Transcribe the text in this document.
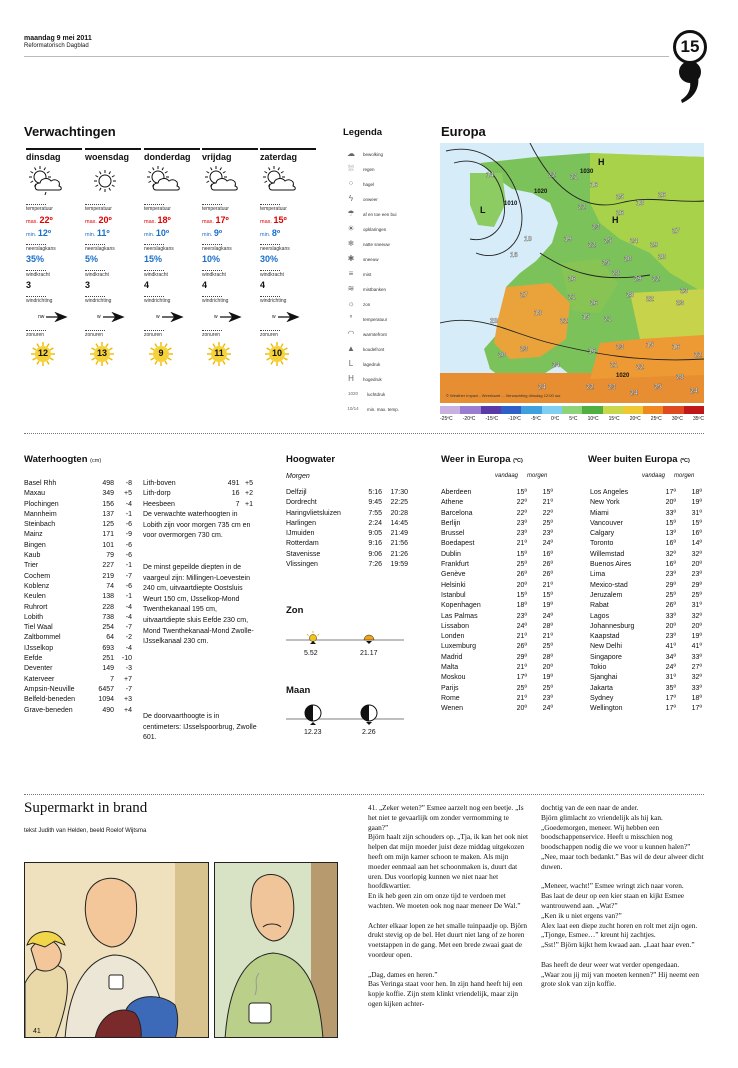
maandag 9 mei 2011
Reformatorisch Dagblad	15
Verwachtingen
dinsdag
temperatuur
max. 22º
min. 12º
neerslagkans
35%
windkracht
3
windrichting
nw
zonuren
12
woensdag
temperatuur
max. 20º
min. 11º
neerslagkans
5%
windkracht
3
windrichting
w
zonuren
13
donderdag
temperatuur
max. 18º
min. 10º
neerslagkans
15%
windkracht
4
windrichting
w
zonuren
9
vrijdag
temperatuur
max. 17º
min. 9º
neerslagkans
10%
windkracht
4
windrichting
w
zonuren
11
zaterdag
temperatuur
max. 15º
min. 8º
neerslagkans
30%
windkracht
4
windrichting
w
zonuren
10
Legenda
☁	bewolking
⛆	regen
⁘	hagel
ϟ	onweer
☂	af en toe een bui
☀	opklaringen
❄	natte sneeuw
✱	sneeuw
≡	mist
≋	mistbanken
☼	zon
°	temperatuur
◠	warmtefront
▲	koudefront
L	lagedruk
H	hogedruk
1020	luchtdruk
10/14	min. max. temp.
Europa
14	22 21
16
25
22
26
23
18
26
10
16
19
22
25	24
29
27
20
20
25
26
28
29 22
23
27
18
21
26
28
22
23
20	22
15 21
20
23
24
24	22 23
24
25
28
24
16
23	15	16
22
21	22
1010
1020
1030
1020
L
H
H
© Weather Impact - Weerkaart ... Verwachting dinsdag 12:00 uur
-25ºC -20ºC -15ºC -10ºC -5ºC 0ºC 5ºC 10ºC 15ºC 20ºC 25ºC 30ºC 35ºC
Waterhoogten (cm)
Basel Rhh	498	-8
Maxau	349	+5
Plochingen	156	-4
Mannheim	137	-1
Steinbach	125	-6
Mainz	171	-9
Bingen	101	-6
Kaub	79	-6
Trier	227	-1
Cochem	219	-7
Koblenz	74	-6
Keulen	138	-1
Ruhrort	228	-4
Lobith	738	-4
Tiel Waal	254	-7
Zaltbommel	64	-2
IJsselkop	693	-4
Eefde	251	-10
Deventer	149	-3
Katerveer	7	+7
Ampsin-Neuville	6457	-7
Belfeld-beneden	1094	+3
Grave-beneden	490	+4
Lith-boven	491 +5
Lith-dorp	16 +2
Heesbeen	7 +1
De verwachte waterhoogten in Lobith zijn voor morgen 735 cm en voor overmorgen 730 cm.
De minst gepeilde diepten in de vaargeul zijn: Millingen-Loevestein 240 cm, uitvaartdiepte Oostsluis Weurt 150 cm, IJsselkop-Mond Twenthekanaal 195 cm, uitvaartdiepte sluis Eefde 230 cm, Mond Twenthekanaal-Mond Zwolle-IJsselkanaal 230 cm.
De doorvaarthoogte is in centimeters: IJsselspoorbrug, Zwolle 601.
Hoogwater
Morgen
Delfzijl	5:16	17:30
Dordrecht	9:45	22:25
Haringvlietsluizen	7:55	20:28
Harlingen	2:24	14:45
IJmuiden	9:05	21:49
Rotterdam	9:16	21:56
Stavenisse	9:06	21:26
Vlissingen	7:26	19:59
Zon
5.52	21.17
Maan
12.23	2.26
Weer in Europa (ºC)
vandaag morgen
Aberdeen	15º	15º
Athene	22º	21º
Barcelona	22º	22º
Berlijn	23º	25º
Brussel	23º	23º
Boedapest	21º	24º
Dublin	15º	16º
Frankfurt	25º	26º
Genève	26º	26º
Helsinki	20º	21º
Istanbul	15º	15º
Kopenhagen	18º	19º
Las Palmas	23º	24º
Lissabon	24º	28º
Londen	21º	21º
Luxemburg	26º	25º
Madrid	29º	28º
Malta	21º	20º
Moskou	17º	19º
Parijs	25º	25º
Rome	21º	23º
Wenen	20º	24º
Weer buiten Europa (ºC)
vandaag morgen
Los Angeles	17º	18º
New York	20º	19º
Miami	33º	31º
Vancouver	15º	15º
Calgary	13º	16º
Toronto	16º	14º
Willemstad	32º	32º
Buenos Aires	16º	20º
Lima	23º	23º
Mexico-stad	29º	29º
Jeruzalem	25º	25º
Rabat	26º	31º
Lagos	33º	32º
Johannesburg	20º	20º
Kaapstad	23º	19º
New Delhi	41º	41º
Singapore	34º	33º
Tokio	24º	27º
Sjanghai	31º	32º
Jakarta	35º	33º
Sydney	17º	18º
Wellington	17º	17º
Supermarkt in brand
tekst Judith van Helden, beeld Roelof Wijtsma
41
41. „Zeker weten?” Esmee aarzelt nog een beetje. „Is het niet te gevaarlijk om zonder vermomming te gaan?”
Björn haalt zijn schouders op. „Tja, ik kan het ook niet helpen dat mijn moeder juist deze middag uitgekozen heeft om mijn kamer schoon te maken. Als mijn moeder eenmaal aan het schoonmaken is, duurt dat uren. Dus voorlopig kunnen we niet naar het hoofdkwartier.
En ik heb geen zin om onze tijd te verdoen met wachten. We moeten ook nog naar meneer De Wal.”

Achter elkaar lopen ze het smalle tuinpaadje op. Björn drukt stevig op de bel. Het duurt niet lang of ze horen voetstappen in de gang. Met een brede zwaai gaat de voordeur open.

„Dag, dames en heren.”
Bas Veringa staat voor hen. In zijn hand heeft hij een kopje koffie. Zijn stem klinkt vriendelijk, maar zijn ogen kijken achter-
dochtig van de een naar de ander.
Björn glimlacht zo vriendelijk als hij kan. „Goedemorgen, meneer. Wij hebben een boodschappenservice. Heeft u misschien nog boodschappen nodig die we voor u kunnen halen?”
„Nee, maar toch bedankt.” Bas wil de deur alweer dicht duwen.

„Meneer, wacht!” Esmee wringt zich naar voren.
Bas laat de deur op een kier staan en kijkt Esmee wantrouwend aan. „Wat?”
„Ken ik u niet ergens van?”
Alex laat een diepe zucht horen en rolt met zijn ogen. „Tjonge, Esmee…” kreunt hij zachtjes.
„Sst!” Björn kijkt hem kwaad aan. „Laat haar even.”

Bas heeft de deur weer wat verder opengedaan.
„Waar zou jij mij van moeten kennen?” Hij neemt een grote slok van zijn koffie.
